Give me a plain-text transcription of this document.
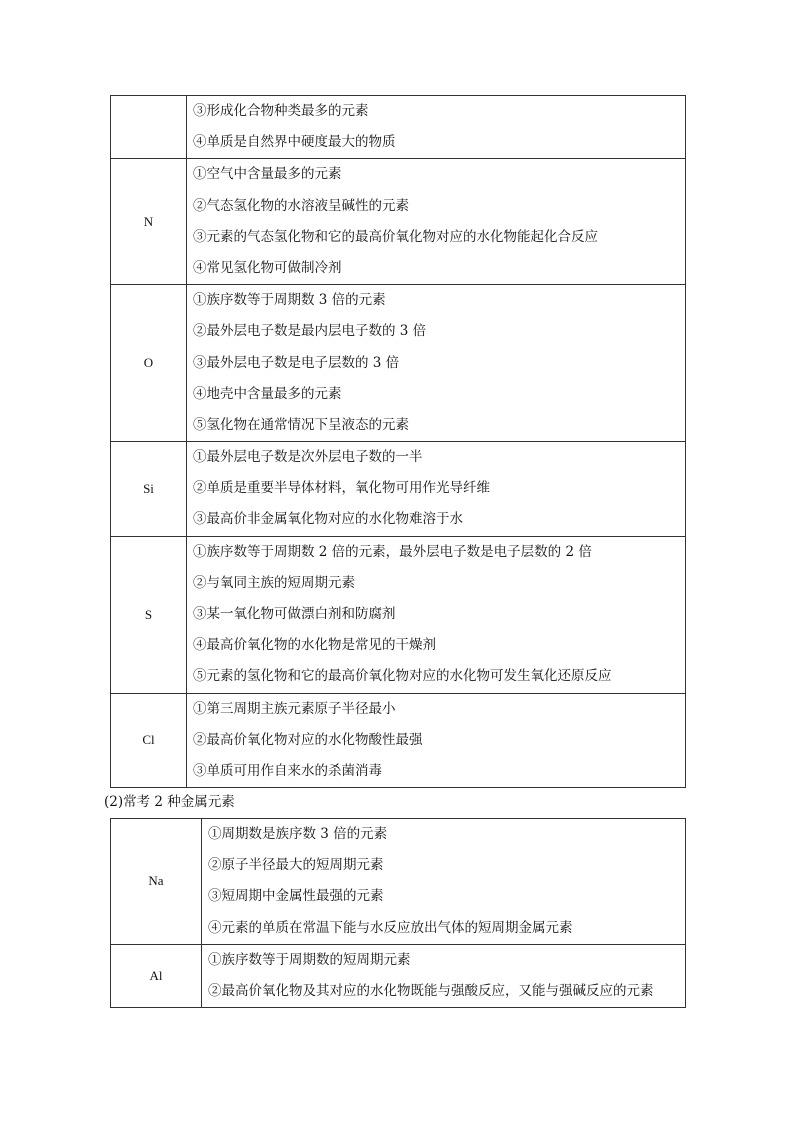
	③形成化合物种类最多的元素
④单质是自然界中硬度最大的物质

N	①空气中含量最多的元素
②气态氢化物的水溶液呈碱性的元素
③元素的气态氢化物和它的最高价氧化物对应的水化物能起化合反应
④常见氢化物可做制冷剂

O	①族序数等于周期数 3 倍的元素
②最外层电子数是最内层电子数的 3 倍
③最外层电子数是电子层数的 3 倍
④地壳中含量最多的元素
⑤氢化物在通常情况下呈液态的元素

Si	①最外层电子数是次外层电子数的一半
②单质是重要半导体材料，氧化物可用作光导纤维
③最高价非金属氧化物对应的水化物难溶于水

S	①族序数等于周期数 2 倍的元素，最外层电子数是电子层数的 2 倍
②与氧同主族的短周期元素
③某一氧化物可做漂白剂和防腐剂
④最高价氧化物的水化物是常见的干燥剂
⑤元素的氢化物和它的最高价氧化物对应的水化物可发生氧化还原反应

Cl	①第三周期主族元素原子半径最小
②最高价氧化物对应的水化物酸性最强
③单质可用作自来水的杀菌消毒
(2)常考 2 种金属元素
Na	①周期数是族序数 3 倍的元素
②原子半径最大的短周期元素
③短周期中金属性最强的元素
④元素的单质在常温下能与水反应放出气体的短周期金属元素

Al	①族序数等于周期数的短周期元素
②最高价氧化物及其对应的水化物既能与强酸反应，又能与强碱反应的元素
